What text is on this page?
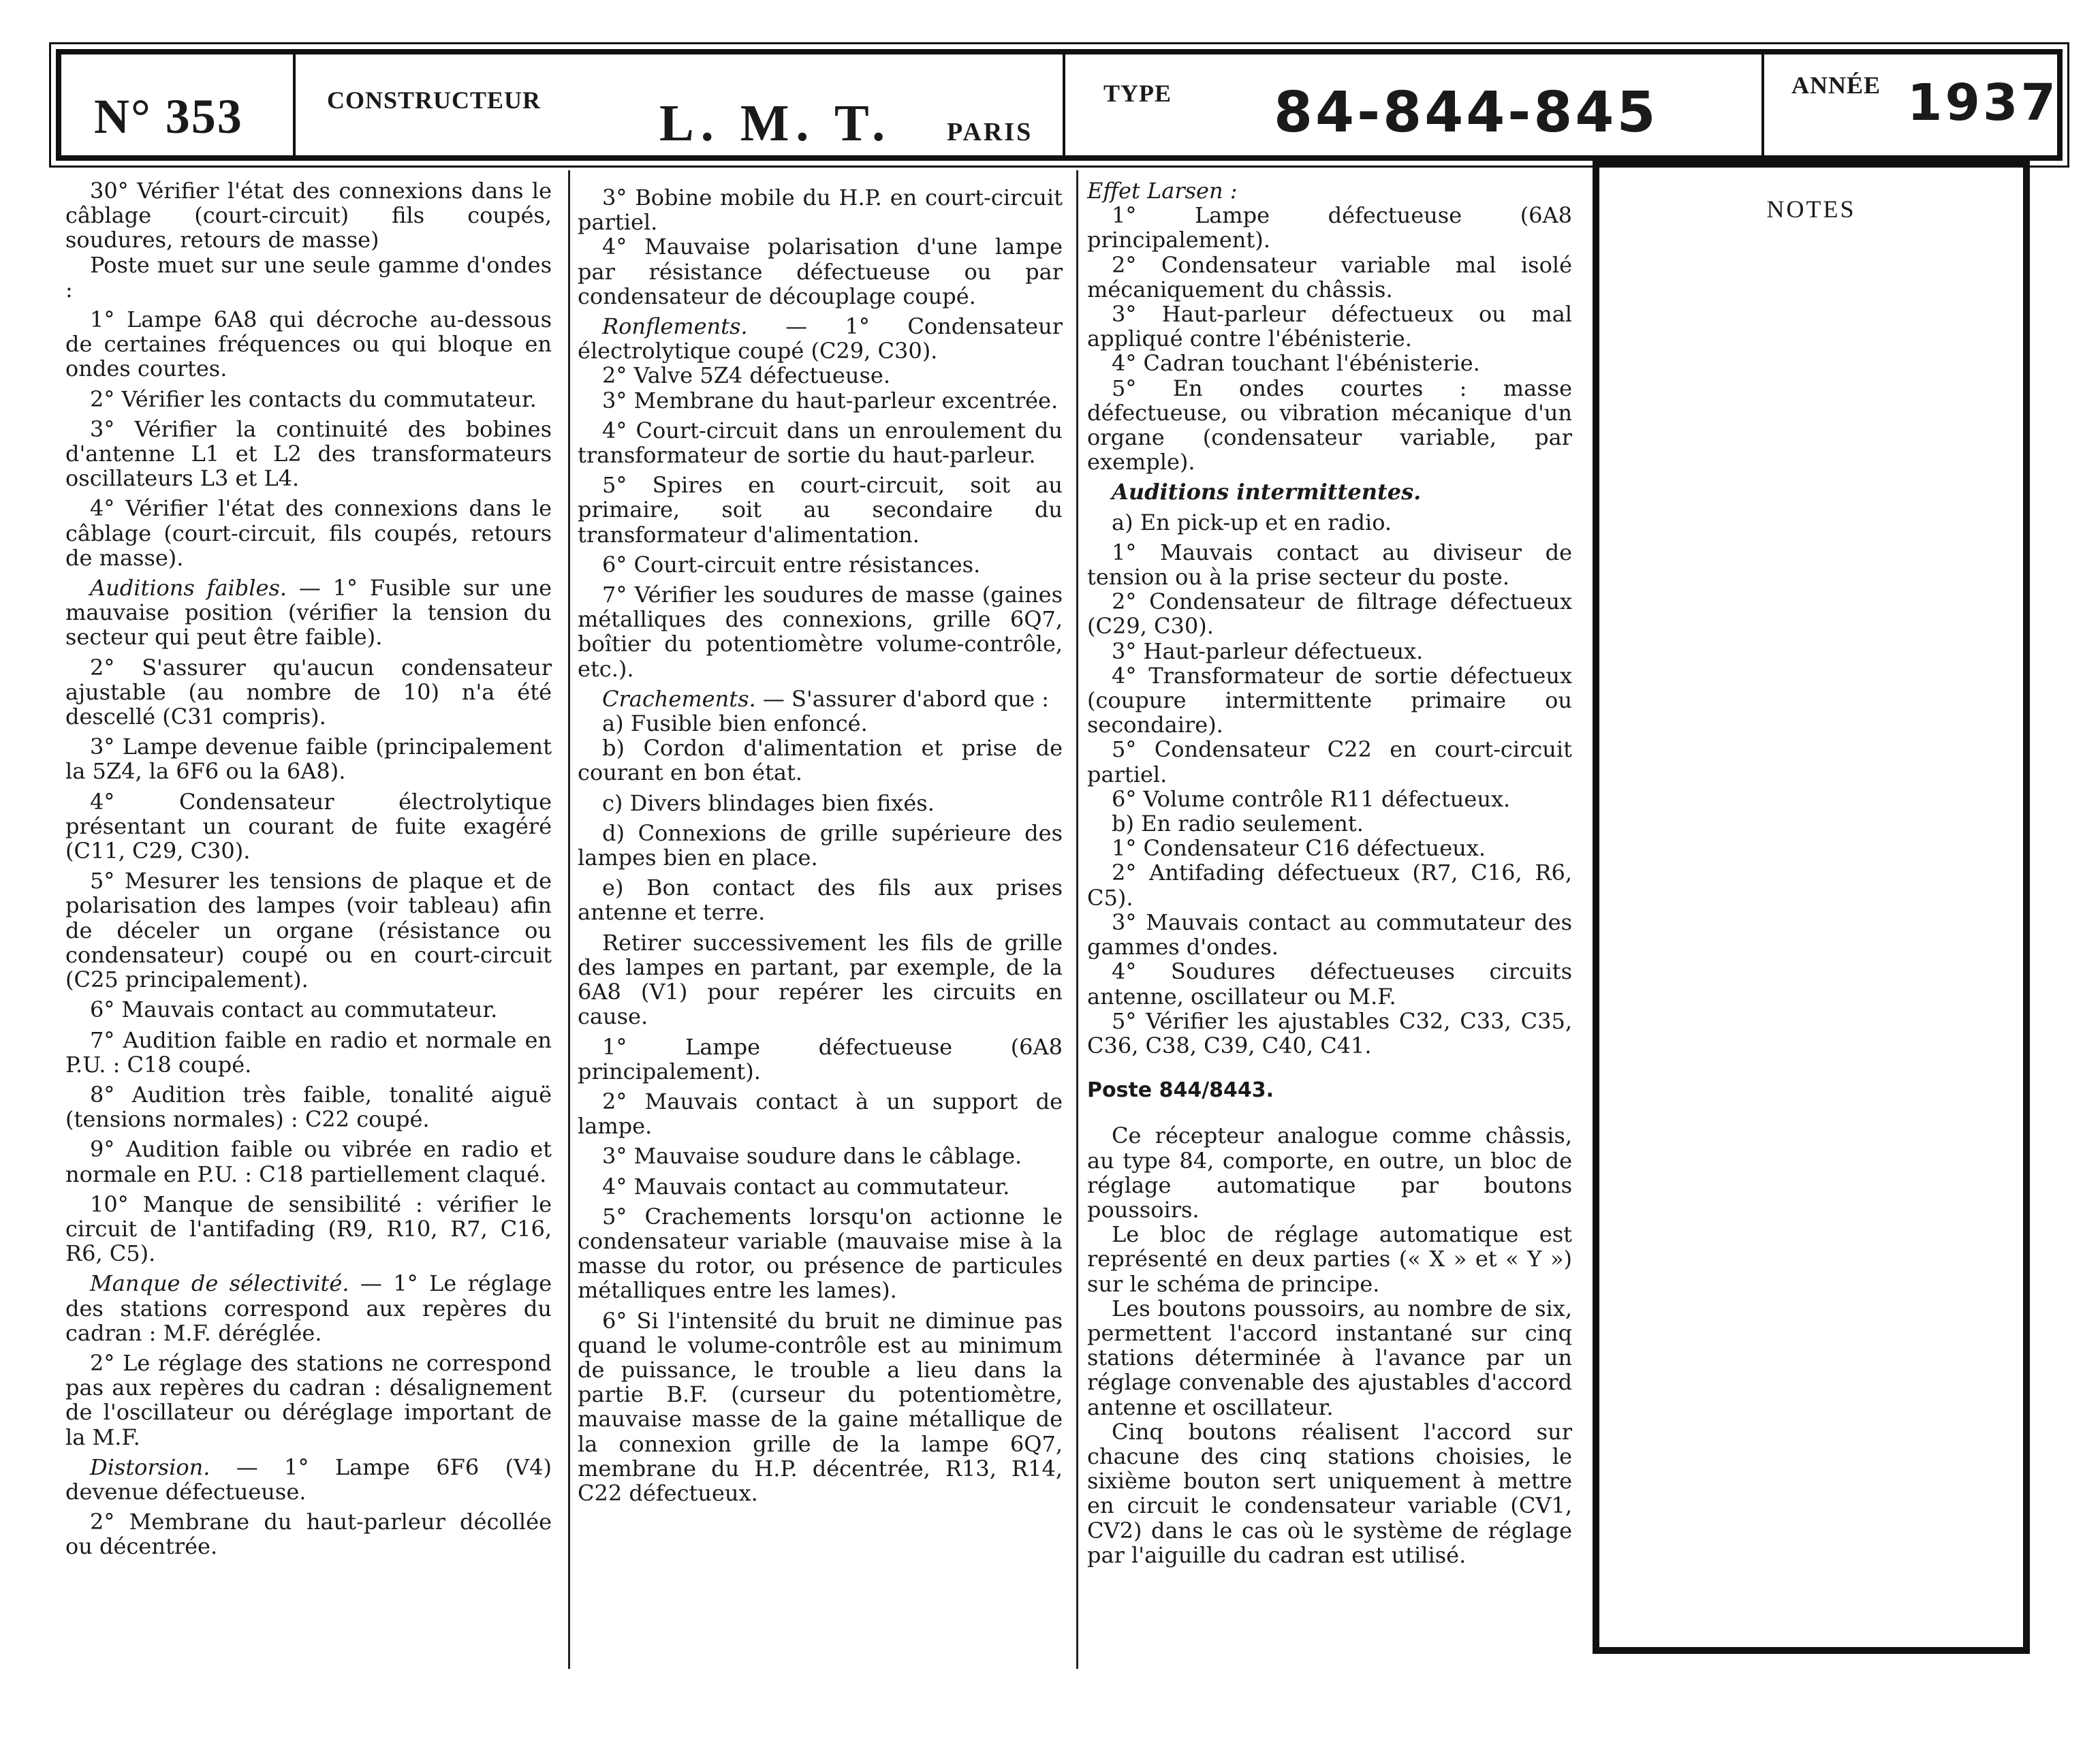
N° 353	CONSTRUCTEUR L. M. T. PARIS
TYPE 84-844-845	ANNÉE 1937

30° Vérifier l'état des connexions dans le câblage (court-circuit) fils coupés, soudures, retours de masse)

Poste muet sur une seule gamme d'ondes :

1° Lampe 6A8 qui décroche au-dessous de certaines fréquences ou qui bloque en ondes courtes.

2° Vérifier les contacts du commutateur.

3° Vérifier la continuité des bobines d'antenne L1 et L2 des transformateurs oscillateurs L3 et L4.

4° Vérifier l'état des connexions dans le câblage (court-circuit, fils coupés, retours de masse).

Auditions faibles. — 1° Fusible sur une mauvaise position (vérifier la tension du secteur qui peut être faible).

2° S'assurer qu'aucun condensateur ajustable (au nombre de 10) n'a été descellé (C31 compris).

3° Lampe devenue faible (principalement la 5Z4, la 6F6 ou la 6A8).

4° Condensateur électrolytique présentant un courant de fuite exagéré (C11, C29, C30).

5° Mesurer les tensions de plaque et de polarisation des lampes (voir tableau) afin de déceler un organe (résistance ou condensateur) coupé ou en court-circuit (C25 principalement).

6° Mauvais contact au commutateur.

7° Audition faible en radio et normale en P.U. : C18 coupé.

8° Audition très faible, tonalité aiguë (tensions normales) : C22 coupé.

9° Audition faible ou vibrée en radio et normale en P.U. : C18 partiellement claqué.

10° Manque de sensibilité : vérifier le circuit de l'antifading (R9, R10, R7, C16, R6, C5).

Manque de sélectivité. — 1° Le réglage des stations correspond aux repères du cadran : M.F. déréglée.

2° Le réglage des stations ne correspond pas aux repères du cadran : désalignement de l'oscillateur ou déréglage important de la M.F.

Distorsion. — 1° Lampe 6F6 (V4) devenue défectueuse.

2° Membrane du haut-parleur décollée ou décentrée.

3° Bobine mobile du H.P. en court-circuit partiel.

4° Mauvaise polarisation d'une lampe par résistance défectueuse ou par condensateur de découplage coupé.

Ronflements. — 1° Condensateur électrolytique coupé (C29, C30).

2° Valve 5Z4 défectueuse.

3° Membrane du haut-parleur excentrée.

4° Court-circuit dans un enroulement du transformateur de sortie du haut-parleur.

5° Spires en court-circuit, soit au primaire, soit au secondaire du transformateur d'alimentation.

6° Court-circuit entre résistances.

7° Vérifier les soudures de masse (gaines métalliques des connexions, grille 6Q7, boîtier du potentiomètre volume-contrôle, etc.).

Crachements. — S'assurer d'abord que :

a) Fusible bien enfoncé.

b) Cordon d'alimentation et prise de courant en bon état.

c) Divers blindages bien fixés.

d) Connexions de grille supérieure des lampes bien en place.

e) Bon contact des fils aux prises antenne et terre.

Retirer successivement les fils de grille des lampes en partant, par exemple, de la 6A8 (V1) pour repérer les circuits en cause.

1° Lampe défectueuse (6A8 principalement).

2° Mauvais contact à un support de lampe.

3° Mauvaise soudure dans le câblage.

4° Mauvais contact au commutateur.

5° Crachements lorsqu'on actionne le condensateur variable (mauvaise mise à la masse du rotor, ou présence de particules métalliques entre les lames).

6° Si l'intensité du bruit ne diminue pas quand le volume-contrôle est au minimum de puissance, le trouble a lieu dans la partie B.F. (curseur du potentiomètre, mauvaise masse de la gaine métallique de la connexion grille de la lampe 6Q7, membrane du H.P. décentrée, R13, R14, C22 défectueux.

Effet Larsen :

1° Lampe défectueuse (6A8 principalement).

2° Condensateur variable mal isolé mécaniquement du châssis.

3° Haut-parleur défectueux ou mal appliqué contre l'ébénisterie.

4° Cadran touchant l'ébénisterie.

5° En ondes courtes : masse défectueuse, ou vibration mécanique d'un organe (condensateur variable, par exemple).

Auditions intermittentes.

a) En pick-up et en radio.

1° Mauvais contact au diviseur de tension ou à la prise secteur du poste.

2° Condensateur de filtrage défectueux (C29, C30).

3° Haut-parleur défectueux.

4° Transformateur de sortie défectueux (coupure intermittente primaire ou secondaire).

5° Condensateur C22 en court-circuit partiel.

6° Volume contrôle R11 défectueux.

b) En radio seulement.

1° Condensateur C16 défectueux.

2° Antifading défectueux (R7, C16, R6, C5).

3° Mauvais contact au commutateur des gammes d'ondes.

4° Soudures défectueuses circuits antenne, oscillateur ou M.F.

5° Vérifier les ajustables C32, C33, C35, C36, C38, C39, C40, C41.

Poste 844/8443.

Ce récepteur analogue comme châssis, au type 84, comporte, en outre, un bloc de réglage automatique par boutons poussoirs.

Le bloc de réglage automatique est représenté en deux parties (« X » et « Y ») sur le schéma de principe.

Les boutons poussoirs, au nombre de six, permettent l'accord instantané sur cinq stations déterminée à l'avance par un réglage convenable des ajustables d'accord antenne et oscillateur.

Cinq boutons réalisent l'accord sur chacune des cinq stations choisies, le sixième bouton sert uniquement à mettre en circuit le condensateur variable (CV1, CV2) dans le cas où le système de réglage par l'aiguille du cadran est utilisé.

NOTES
